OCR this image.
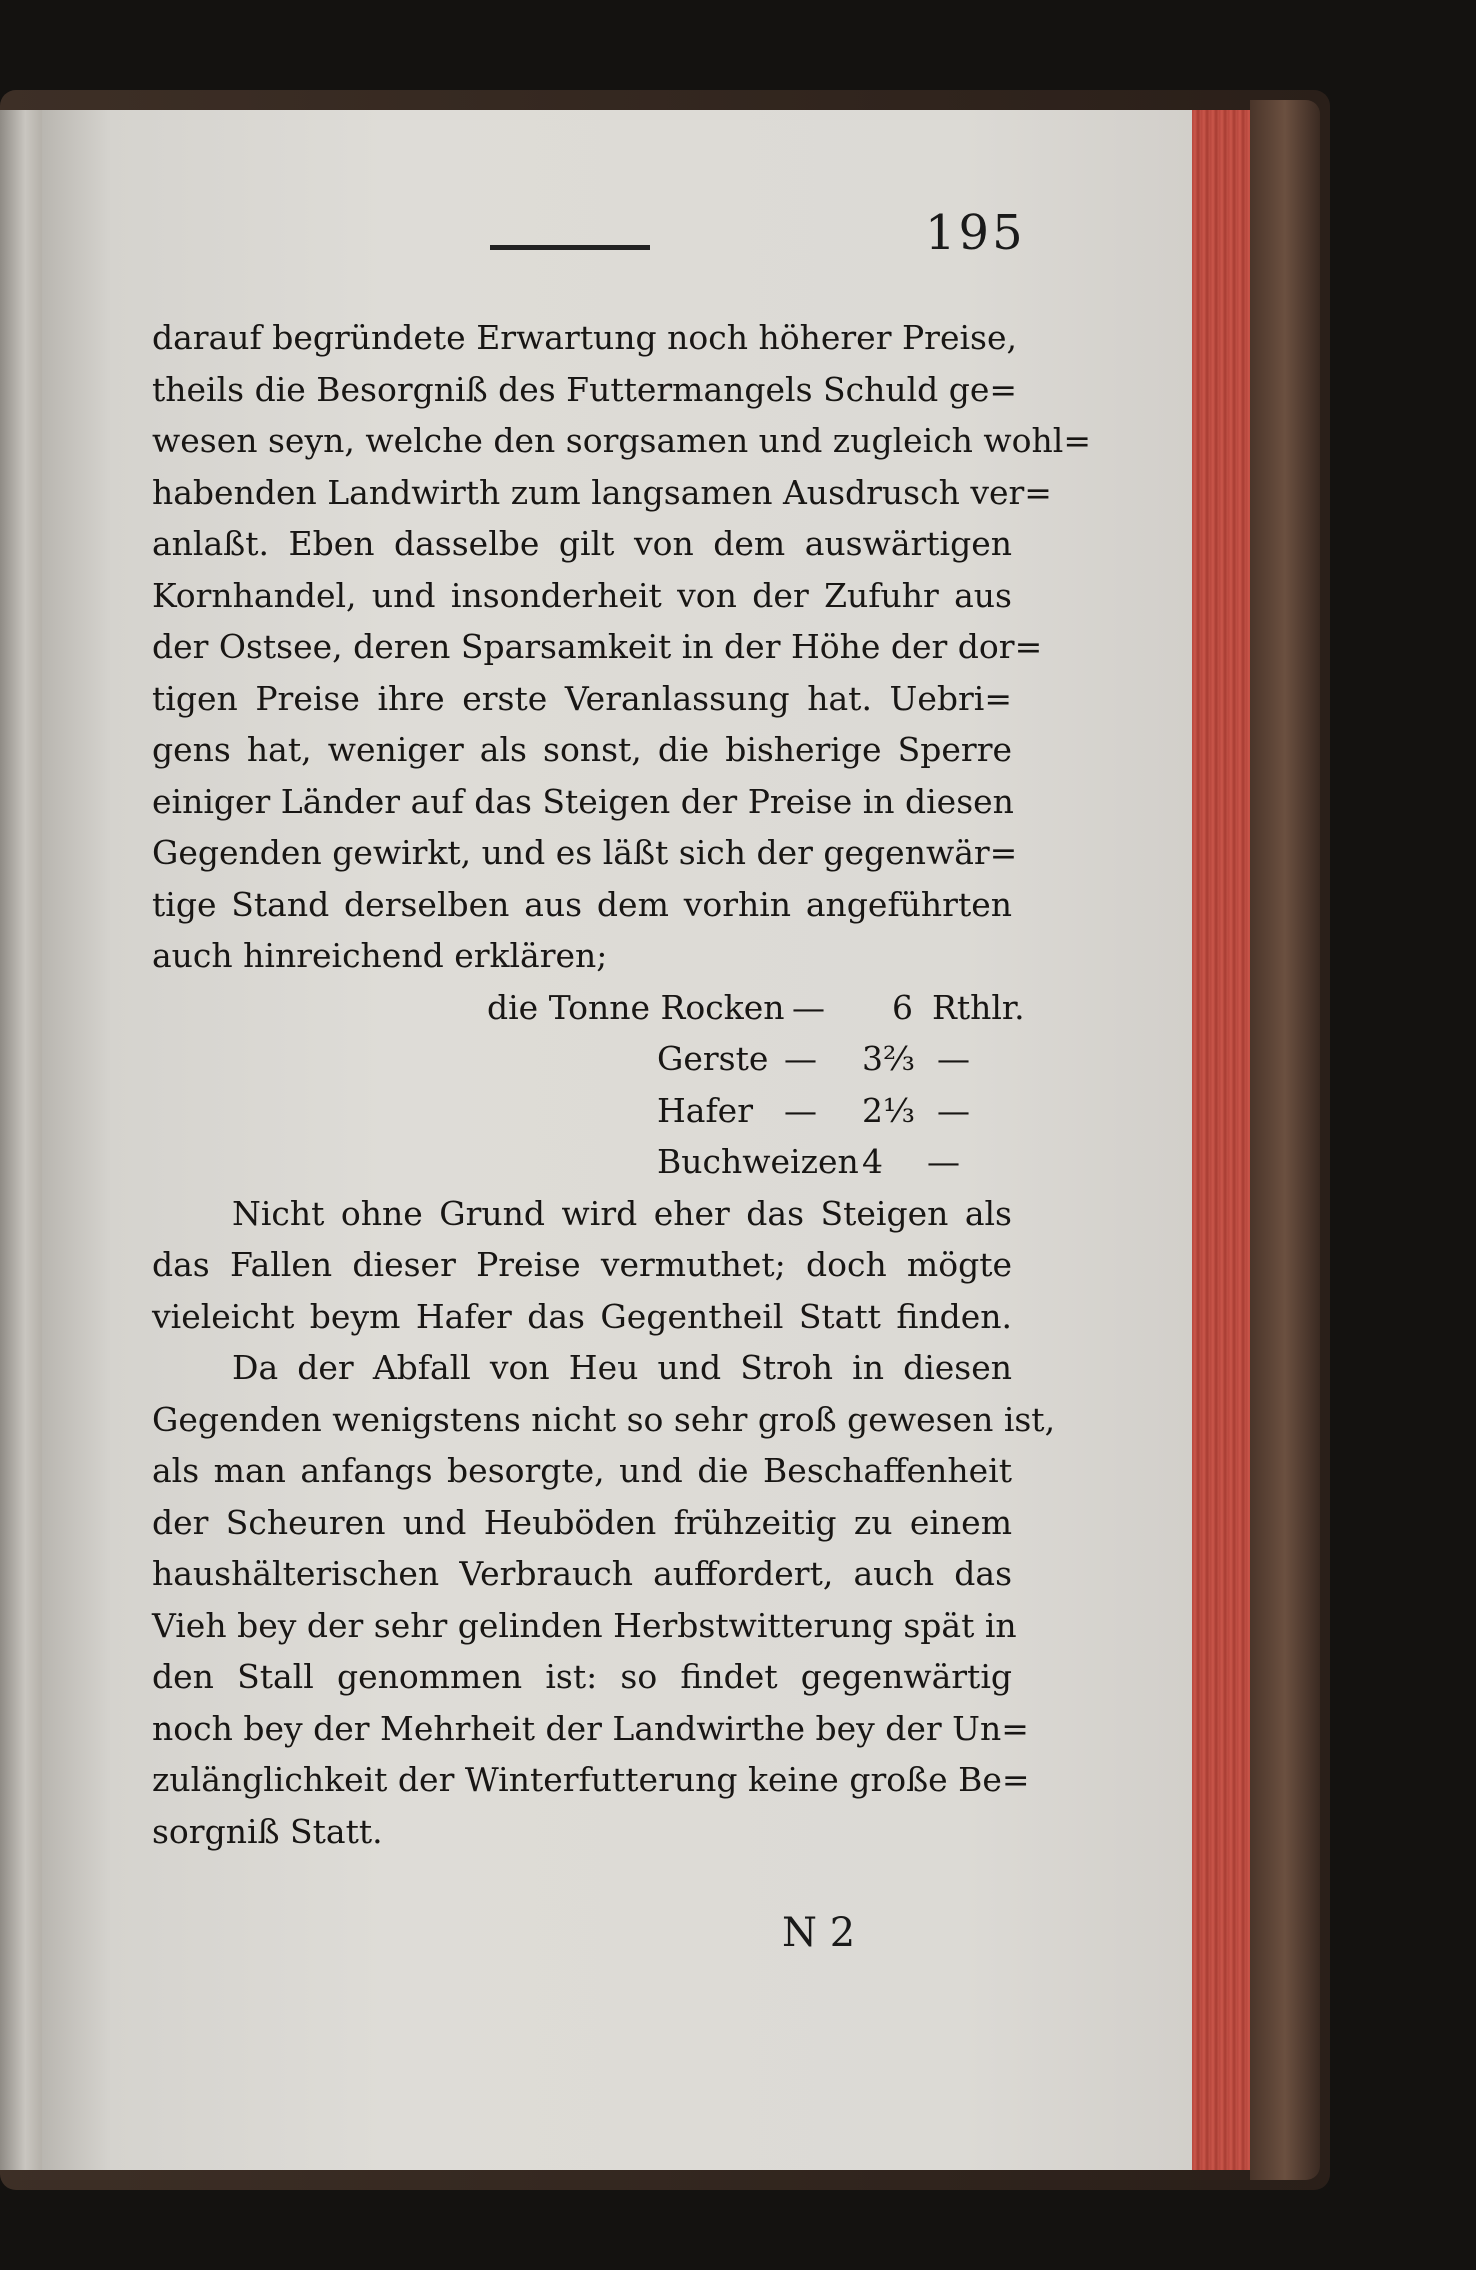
195
darauf begründete Erwartung noch höherer Preise,
theils die Besorgniß des Futtermangels Schuld ge=
wesen seyn, welche den sorgsamen und zugleich wohl=
habenden Landwirth zum langsamen Ausdrusch ver=
anlaßt. Eben dasselbe gilt von dem auswärtigen
Kornhandel, und insonderheit von der Zufuhr aus
der Ostsee, deren Sparsamkeit in der Höhe der dor=
tigen Preise ihre erste Veranlassung hat. Uebri=
gens hat, weniger als sonst, die bisherige Sperre
einiger Länder auf das Steigen der Preise in diesen
Gegenden gewirkt, und es läßt sich der gegenwär=
tige Stand derselben aus dem vorhin angeführten
auch hinreichend erklären;
die Tonne Rocken — 6 Rthlr.
Gerste — 3⅔ —
Hafer — 2⅓ —
Buchweizen 4 —
Nicht ohne Grund wird eher das Steigen als
das Fallen dieser Preise vermuthet; doch mögte
vieleicht beym Hafer das Gegentheil Statt finden.
Da der Abfall von Heu und Stroh in diesen
Gegenden wenigstens nicht so sehr groß gewesen ist,
als man anfangs besorgte, und die Beschaffenheit
der Scheuren und Heuböden frühzeitig zu einem
haushälterischen Verbrauch auffordert, auch das
Vieh bey der sehr gelinden Herbstwitterung spät in
den Stall genommen ist: so findet gegenwärtig
noch bey der Mehrheit der Landwirthe bey der Un=
zulänglichkeit der Winterfutterung keine große Be=
sorgniß Statt.
N 2
